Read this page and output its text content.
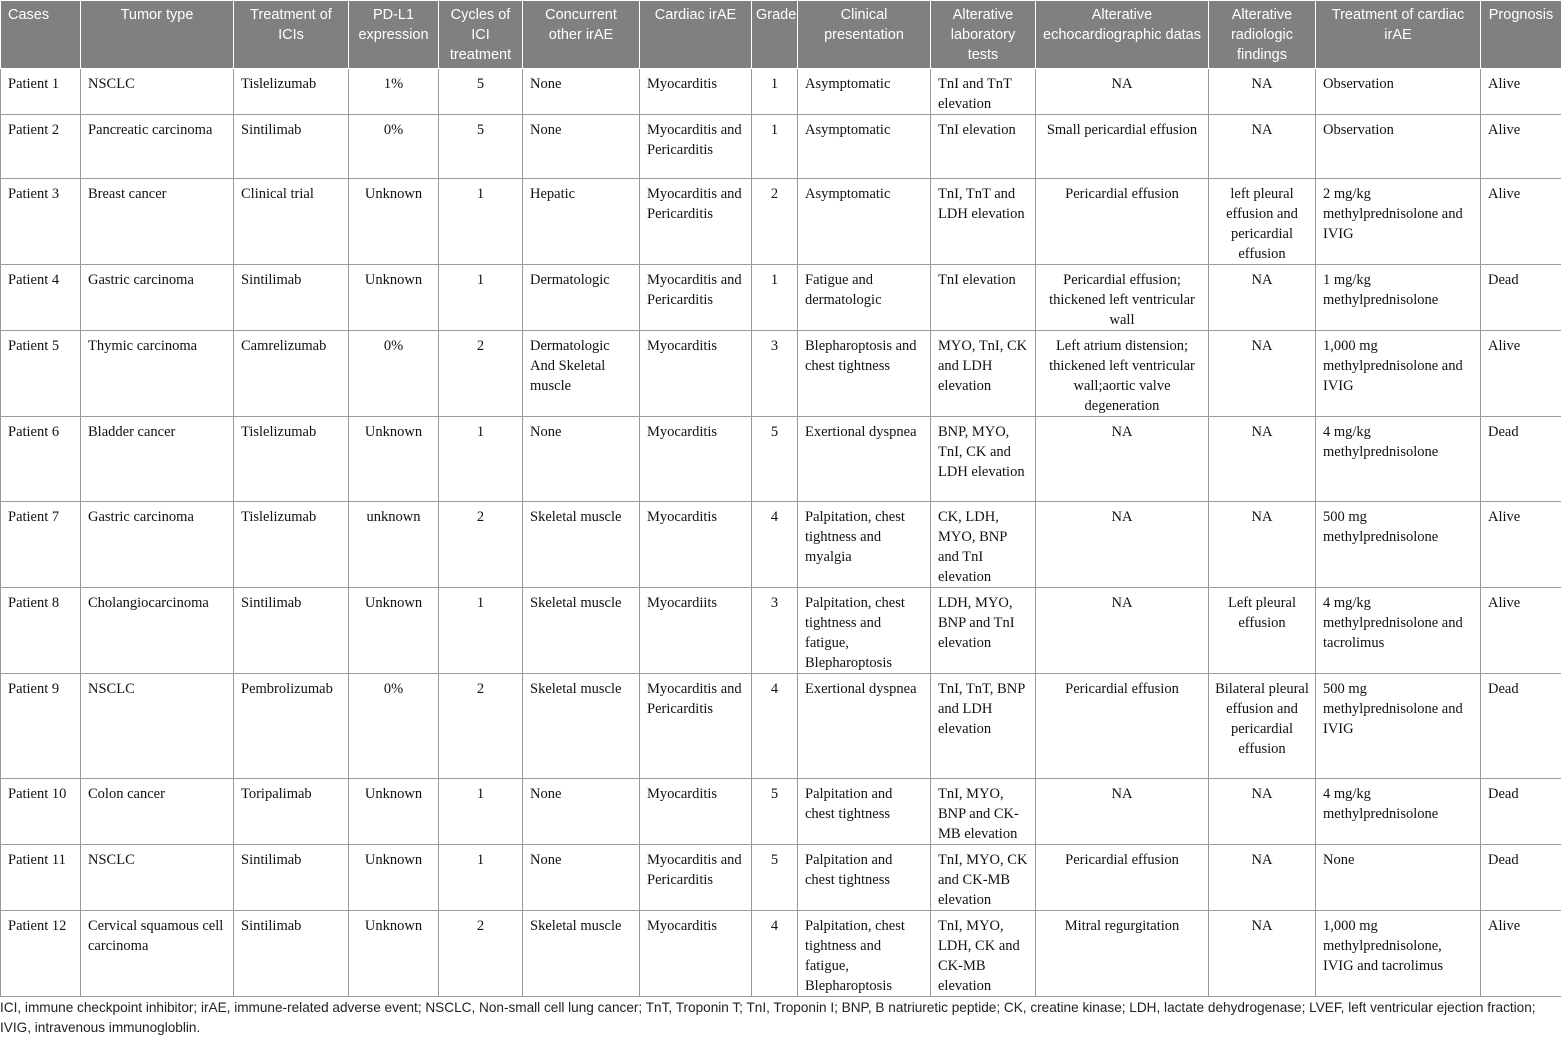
Cases	Tumor type	Treatment of ICIs	PD-L1 expression	Cycles of ICI treatment	Concurrent other irAE	Cardiac irAE	Grade	Clinical presentation	Alterative laboratory tests	Alterative echocardiographic datas	Alterative radiologic findings	Treatment of cardiac irAE	Prognosis
Patient 1	NSCLC	Tislelizumab	1%	5	None	Myocarditis	1	Asymptomatic	TnI and TnT elevation	NA	NA	Observation	Alive
Patient 2	Pancreatic carcinoma	Sintilimab	0%	5	None	Myocarditis and Pericarditis	1	Asymptomatic	TnI elevation	Small pericardial effusion	NA	Observation	Alive
Patient 3	Breast cancer	Clinical trial	Unknown	1	Hepatic	Myocarditis and Pericarditis	2	Asymptomatic	TnI, TnT and LDH elevation	Pericardial effusion	left pleural effusion and pericardial effusion	2 mg/kg methylprednisolone and IVIG	Alive
Patient 4	Gastric carcinoma	Sintilimab	Unknown	1	Dermatologic	Myocarditis and Pericarditis	1	Fatigue and dermatologic	TnI elevation	Pericardial effusion; thickened left ventricular wall	NA	1 mg/kg methylprednisolone	Dead
Patient 5	Thymic carcinoma	Camrelizumab	0%	2	Dermatologic And Skeletal muscle	Myocarditis	3	Blepharoptosis and chest tightness	MYO, TnI, CK and LDH elevation	Left atrium distension; thickened left ventricular wall;aortic valve degeneration	NA	1,000 mg methylprednisolone and IVIG	Alive
Patient 6	Bladder cancer	Tislelizumab	Unknown	1	None	Myocarditis	5	Exertional dyspnea	BNP, MYO, TnI, CK and LDH elevation	NA	NA	4 mg/kg methylprednisolone	Dead
Patient 7	Gastric carcinoma	Tislelizumab	unknown	2	Skeletal muscle	Myocarditis	4	Palpitation, chest tightness and myalgia	CK, LDH, MYO, BNP and TnI elevation	NA	NA	500 mg methylprednisolone	Alive
Patient 8	Cholangiocarcinoma	Sintilimab	Unknown	1	Skeletal muscle	Myocardiits	3	Palpitation, chest tightness and fatigue, Blepharoptosis	LDH, MYO, BNP and TnI elevation	NA	Left pleural effusion	4 mg/kg methylprednisolone and tacrolimus	Alive
Patient 9	NSCLC	Pembrolizumab	0%	2	Skeletal muscle	Myocarditis and Pericarditis	4	Exertional dyspnea	TnI, TnT, BNP and LDH elevation	Pericardial effusion	Bilateral pleural effusion and pericardial effusion	500 mg methylprednisolone and IVIG	Dead
Patient 10	Colon cancer	Toripalimab	Unknown	1	None	Myocarditis	5	Palpitation and chest tightness	TnI, MYO, BNP and CK-MB elevation	NA	NA	4 mg/kg methylprednisolone	Dead
Patient 11	NSCLC	Sintilimab	Unknown	1	None	Myocarditis and Pericarditis	5	Palpitation and chest tightness	TnI, MYO, CK and CK-MB elevation	Pericardial effusion	NA	None	Dead
Patient 12	Cervical squamous cell carcinoma	Sintilimab	Unknown	2	Skeletal muscle	Myocarditis	4	Palpitation, chest tightness and fatigue, Blepharoptosis	TnI, MYO, LDH, CK and CK-MB elevation	Mitral regurgitation	NA	1,000 mg methylprednisolone, IVIG and tacrolimus	Alive

ICI, immune checkpoint inhibitor; irAE, immune-related adverse event; NSCLC, Non-small cell lung cancer; TnT, Troponin T; TnI, Troponin I; BNP, B natriuretic peptide; CK, creatine kinase; LDH, lactate dehydrogenase; LVEF, left ventricular ejection fraction; IVIG, intravenous immunogloblin.
